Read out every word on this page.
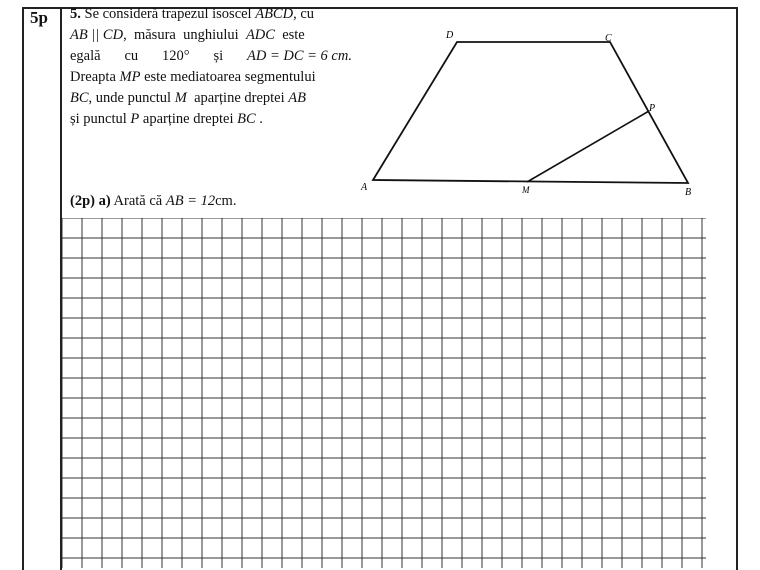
5p 5. Se consideră trapezul isoscel ABCD, cu
AB || CD,  măsura  unghiului  ADC  este
egală cu 120° și AD = DC = 6 cm.
Dreapta MP este mediatoarea segmentului
BC, unde punctul M  aparține dreptei AB
și punctul P aparține dreptei BC .
A	B
C
D
M
P
(2p) a) Arată că AB = 12cm.
